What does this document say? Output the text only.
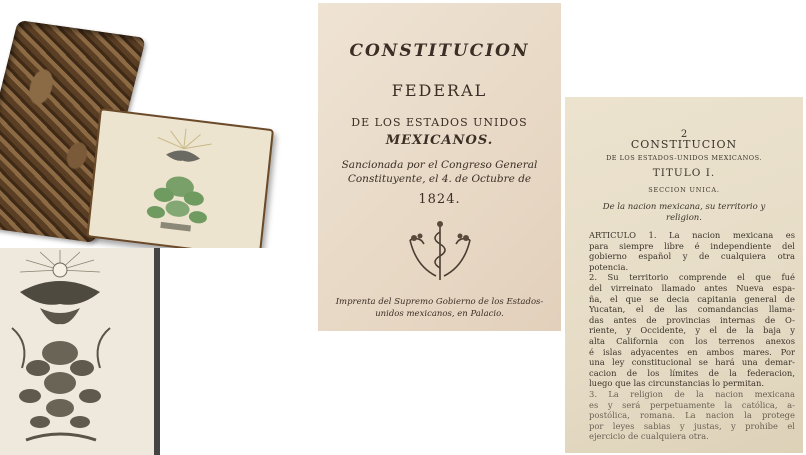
CONSTITUCION
FEDERAL
DE LOS ESTADOS UNIDOS
MEXICANOS.
Sancionada por el Congreso General
Constituyente, el 4. de Octubre de
1824.
Imprenta del Supremo Gobierno de los Estados-
unidos mexicanos, en Palacio.
2
CONSTITUCION
DE LOS ESTADOS-UNIDOS MEXICANOS.
TITULO I.
SECCION UNICA.
De la nacion mexicana, su territorio y
religion.
ARTICULO 1. La nacion mexicana es
para siempre libre é independiente del
gobierno español y de cualquiera otra
potencia.
2. Su territorio comprende el que fué
del virreinato llamado antes Nueva espa-
ña, el que se decia capitania general de
Yucatan, el de las comandancias llama-
das antes de provincias internas de O-
riente, y Occidente, y el de la baja y
alta California con los terrenos anexos
é islas adyacentes en ambos mares. Por
una ley constitucional se hará una demar-
cacion de los límites de la federacion,
luego que las circunstancias lo permitan.
3. La religion de la nacion mexicana
es y será perpetuamente la católica, a-
postólica, romana. La nacion la protege
por leyes sabias y justas, y prohibe el
ejercicio de cualquiera otra.
